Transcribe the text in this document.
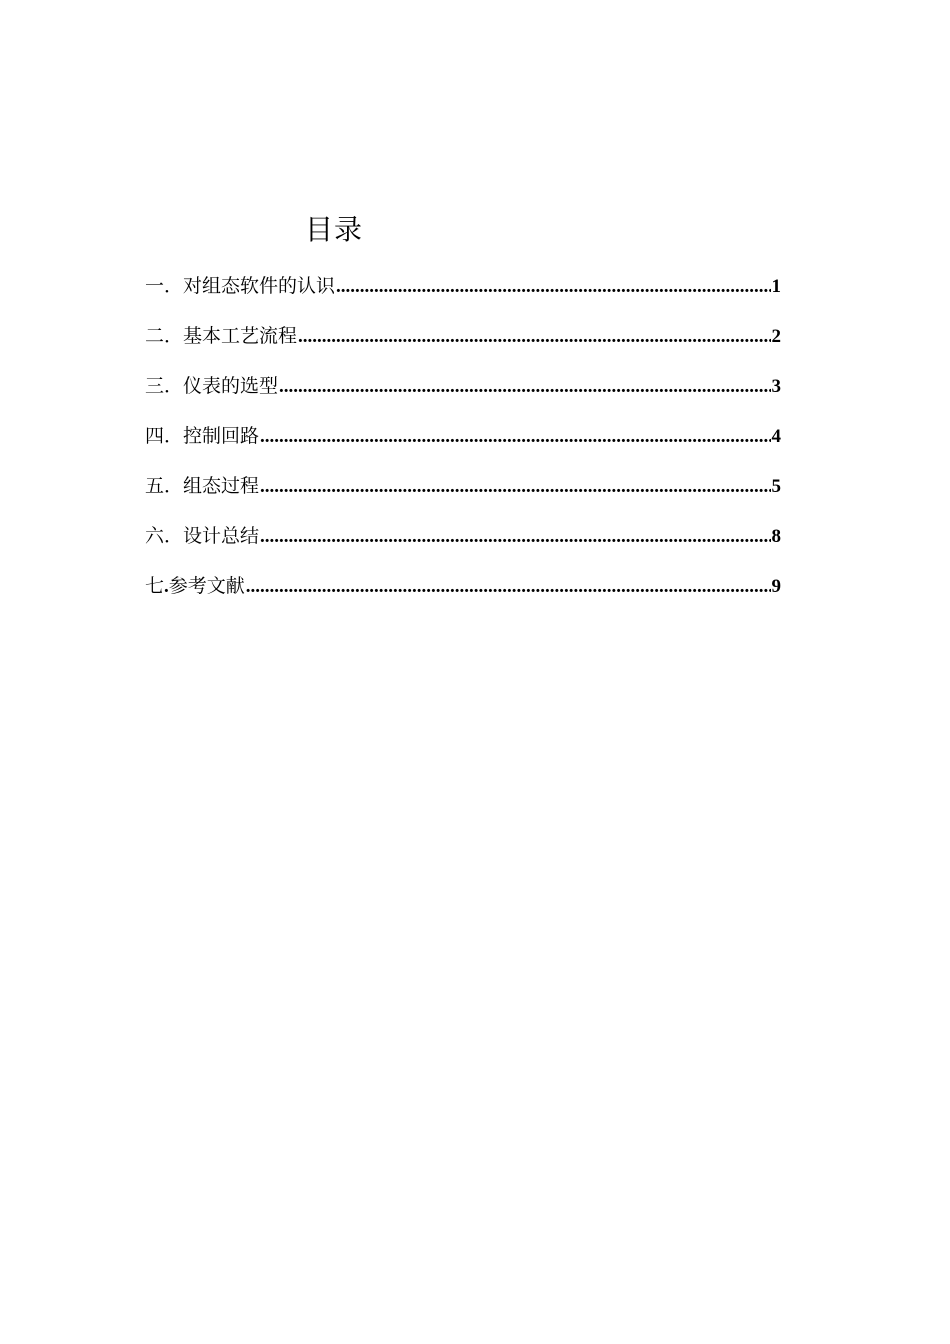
目录
一．对组态软件的认识 .....	1
二．基本工艺流程 .....	2
三．仪表的选型 .....	3
四．控制回路 .....	4
五．组态过程 .....	5
六．设计总结 .....	8
七.参考文献 .....	9
